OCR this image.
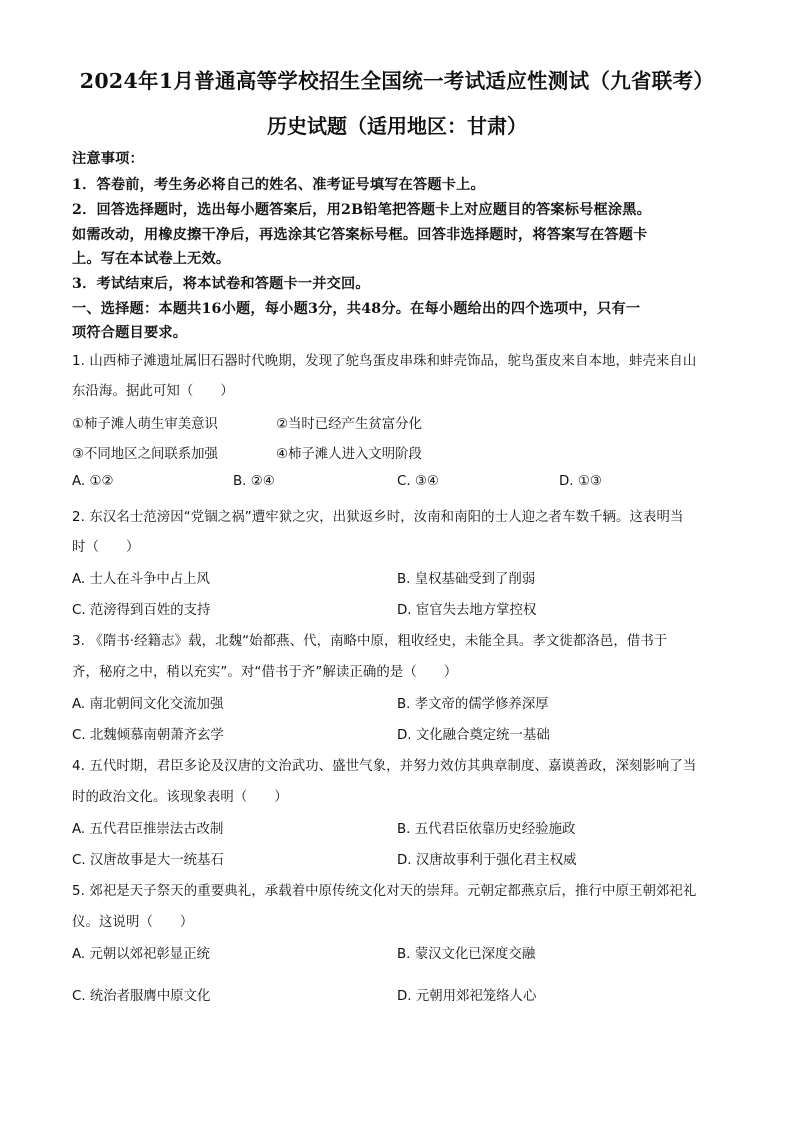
2024年1月普通高等学校招生全国统一考试适应性测试（九省联考）
历史试题（适用地区：甘肃）
注意事项：
1．答卷前，考生务必将自己的姓名、准考证号填写在答题卡上。
2．回答选择题时，选出每小题答案后，用2B铅笔把答题卡上对应题目的答案标号框涂黑。
如需改动，用橡皮擦干净后，再选涂其它答案标号框。回答非选择题时，将答案写在答题卡
上。写在本试卷上无效。
3．考试结束后，将本试卷和答题卡一并交回。
一、选择题：本题共16小题，每小题3分，共48分。在每小题给出的四个选项中，只有一
项符合题目要求。
1. 山西柿子滩遗址属旧石器时代晚期，发现了鸵鸟蛋皮串珠和蚌壳饰品，鸵鸟蛋皮来自本地，蚌壳来自山
东沿海。据此可知（　　）
①柿子滩人萌生审美意识	②当时已经产生贫富分化
③不同地区之间联系加强	④柿子滩人进入文明阶段
A. ①②	B. ②④	C. ③④	D. ①③
2. 东汉名士范滂因“党锢之祸”遭牢狱之灾，出狱返乡时，汝南和南阳的士人迎之者车数千辆。这表明当
时（　　）
A. 士人在斗争中占上风	B. 皇权基础受到了削弱
C. 范滂得到百姓的支持	D. 宦官失去地方掌控权
3. 《隋书·经籍志》载，北魏“始都燕、代，南略中原，粗收经史，未能全具。孝文徙都洛邑，借书于
齐，秘府之中，稍以充实”。对“借书于齐”解读正确的是（　　）
A. 南北朝间文化交流加强	B. 孝文帝的儒学修养深厚
C. 北魏倾慕南朝萧齐玄学	D. 文化融合奠定统一基础
4. 五代时期，君臣多论及汉唐的文治武功、盛世气象，并努力效仿其典章制度、嘉谟善政，深刻影响了当
时的政治文化。该现象表明（　　）
A. 五代君臣推崇法古改制	B. 五代君臣依靠历史经验施政
C. 汉唐故事是大一统基石	D. 汉唐故事利于强化君主权威
5. 郊祀是天子祭天的重要典礼，承载着中原传统文化对天的崇拜。元朝定都燕京后，推行中原王朝郊祀礼
仪。这说明（　　）
A. 元朝以郊祀彰显正统	B. 蒙汉文化已深度交融
C. 统治者服膺中原文化	D. 元朝用郊祀笼络人心
